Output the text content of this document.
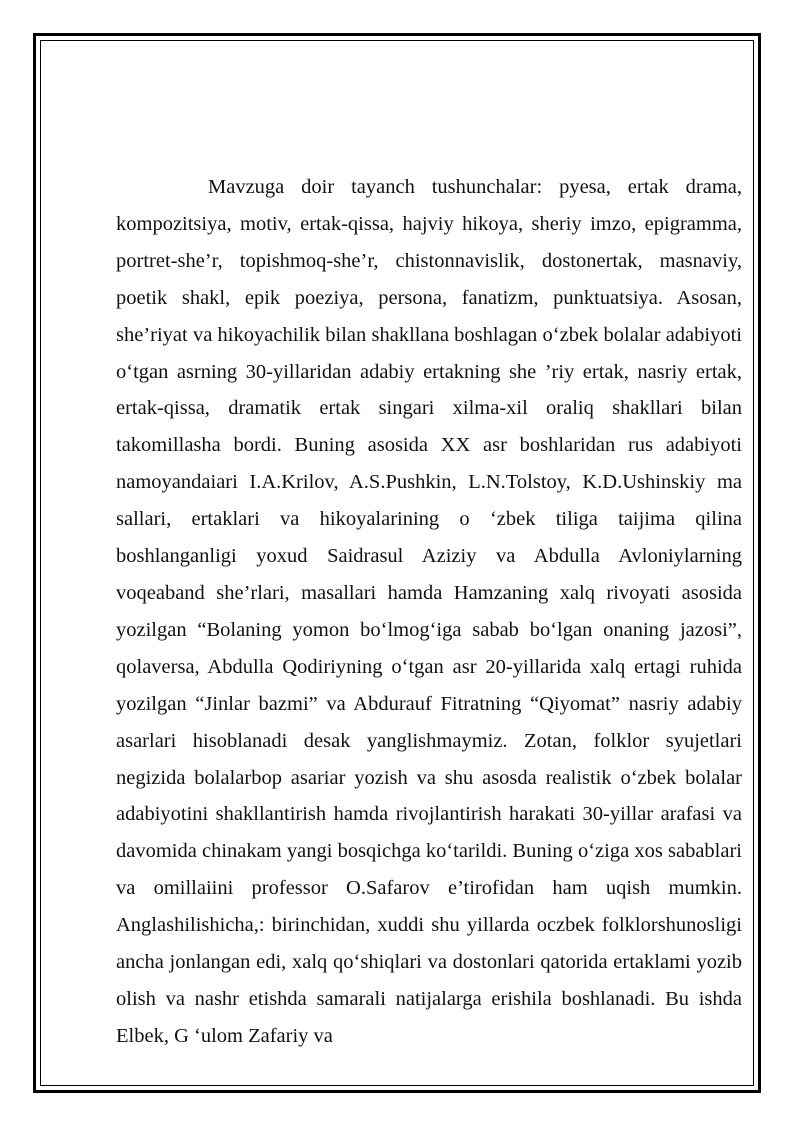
Mavzuga doir tayanch tushunchalar: pyesa, ertak drama, kompozitsiya, motiv, ertak-qissa, hajviy hikoya, sheriy imzo, epigramma, portret-she’r, topishmoq-she’r, chistonnavislik, dostonertak, masnaviy, poetik shakl, epik poeziya, persona, fanatizm, punktuatsiya. Asosan, she’riyat va hikoyachilik bilan shakllana boshlagan o‘zbek bolalar adabiyoti o‘tgan asrning 30-yillaridan adabiy ertakning she ’riy ertak, nasriy ertak, ertak-qissa, dramatik ertak singari xilma-xil oraliq shakllari bilan takomillasha bordi. Buning asosida XX asr boshlaridan rus adabiyoti namoyandaiari I.A.Krilov, A.S.Pushkin, L.N.Tolstoy, K.D.Ushinskiy ma sallari, ertaklari va hikoyalarining o ‘zbek tiliga taijima qilina boshlanganligi yoxud Saidrasul Aziziy va Abdulla Avloniylarning voqeaband she’rlari, masallari hamda Hamzaning xalq rivoyati asosida yozilgan “Bolaning yomon bo‘lmog‘iga sabab bo‘lgan onaning jazosi”, qolaversa, Abdulla Qodiriyning o‘tgan asr 20-yillarida xalq ertagi ruhida yozilgan “Jinlar bazmi” va Abdurauf Fitratning “Qiyomat” nasriy adabiy asarlari hisoblanadi desak yanglishmaymiz. Zotan, folklor syujetlari negizida bolalarbop asariar yozish va shu asosda realistik o‘zbek bolalar adabiyotini shakllantirish hamda rivojlantirish harakati 30-yillar arafasi va davomida chinakam yangi bosqichga ko‘tarildi. Buning o‘ziga xos sabablari va omillaiini professor O.Safarov e’tirofidan ham uqish mumkin. Anglashilishicha,: birinchidan, xuddi shu yillarda oczbek folklorshunosligi ancha jonlangan edi, xalq qo‘shiqlari va dostonlari qatorida ertaklami yozib olish va nashr etishda samarali natijalarga erishila boshlanadi. Bu ishda Elbek, G ‘ulom Zafariy va
